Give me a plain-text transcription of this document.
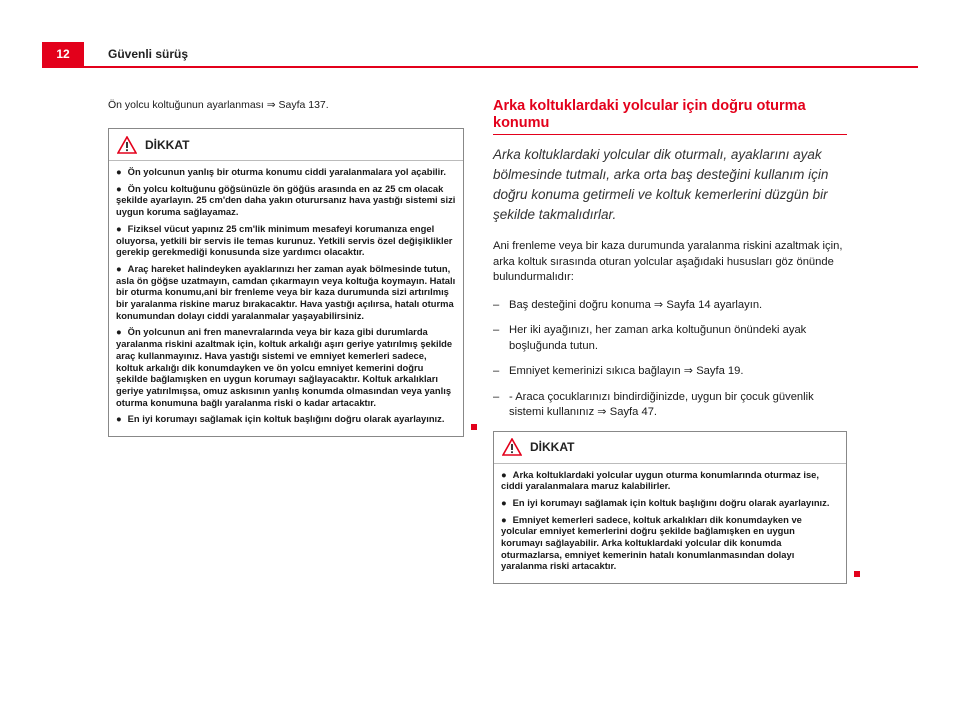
12	Güvenli sürüş
Ön yolcu koltuğunun ayarlanması ⇒ Sayfa 137.
DİKKAT
● Ön yolcunun yanlış bir oturma konumu ciddi yaralanmalara yol açabilir.
● Ön yolcu koltuğunu göğsünüzle ön göğüs arasında en az 25 cm olacak şekilde ayarlayın. 25 cm'den daha yakın oturursanız hava yastığı sistemi sizi uygun koruma sağlayamaz.
● Fiziksel vücut yapınız 25 cm'lik minimum mesafeyi korumanıza engel oluyorsa, yetkili bir servis ile temas kurunuz. Yetkili servis özel değişiklikler gerekip gerekmediği konusunda size yardımcı olacaktır.
● Araç hareket halindeyken ayaklarınızı her zaman ayak bölmesinde tutun, asla ön göğse uzatmayın, camdan çıkarmayın veya koltuğa koymayın. Hatalı bir oturma konumu,ani bir frenleme veya bir kaza durumunda sizi artırılmış bir yaralanma riskine maruz bırakacaktır. Hava yastığı açılırsa, hatalı oturma konumundan dolayı ciddi yaralanmalar yaşayabilirsiniz.
● Ön yolcunun ani fren manevralarında veya bir kaza gibi durumlarda yaralanma riskini azaltmak için, koltuk arkalığı aşırı geriye yatırılmış şekilde araç kullanmayınız. Hava yastığı sistemi ve emniyet kemerleri sadece, koltuk arkalığı dik konumdayken ve ön yolcu emniyet kemerini doğru şekilde bağlamışken en uygun korumayı sağlayacaktır. Koltuk arkalıkları geriye yatırılmışsa, omuz askısının yanlış konumda olmasından veya yanlış oturma konumuna bağlı yaralanma riski o kadar artacaktır.
● En iyi korumayı sağlamak için koltuk başlığını doğru olarak ayarlayınız.
Arka koltuklardaki yolcular için doğru oturma konumu
Arka koltuklardaki yolcular dik oturmalı, ayaklarını ayak bölmesinde tutmalı, arka orta baş desteğini kullanım için doğru konuma getirmeli ve koltuk kemerlerini düzgün bir şekilde takmalıdırlar.
Ani frenleme veya bir kaza durumunda yaralanma riskini azaltmak için, arka koltuk sırasında oturan yolcular aşağıdaki hususları göz önünde bulundurmalıdır:
– Baş desteğini doğru konuma ⇒ Sayfa 14 ayarlayın.
– Her iki ayağınızı, her zaman arka koltuğunun önündeki ayak boşluğunda tutun.
– Emniyet kemerinizi sıkıca bağlayın ⇒ Sayfa 19.
– - Araca çocuklarınızı bindirdiğinizde, uygun bir çocuk güvenlik sistemi kullanınız ⇒ Sayfa 47.
DİKKAT
● Arka koltuklardaki yolcular uygun oturma konumlarında oturmaz ise, ciddi yaralanmalara maruz kalabilirler.
● En iyi korumayı sağlamak için koltuk başlığını doğru olarak ayarlayınız.
● Emniyet kemerleri sadece, koltuk arkalıkları dik konumdayken ve yolcular emniyet kemerlerini doğru şekilde bağlamışken en uygun korumayı sağlayabilir. Arka koltuklardaki yolcular dik konumda oturmazlarsa, emniyet kemerinin hatalı konumlanmasından dolayı yaralanma riski artacaktır.
